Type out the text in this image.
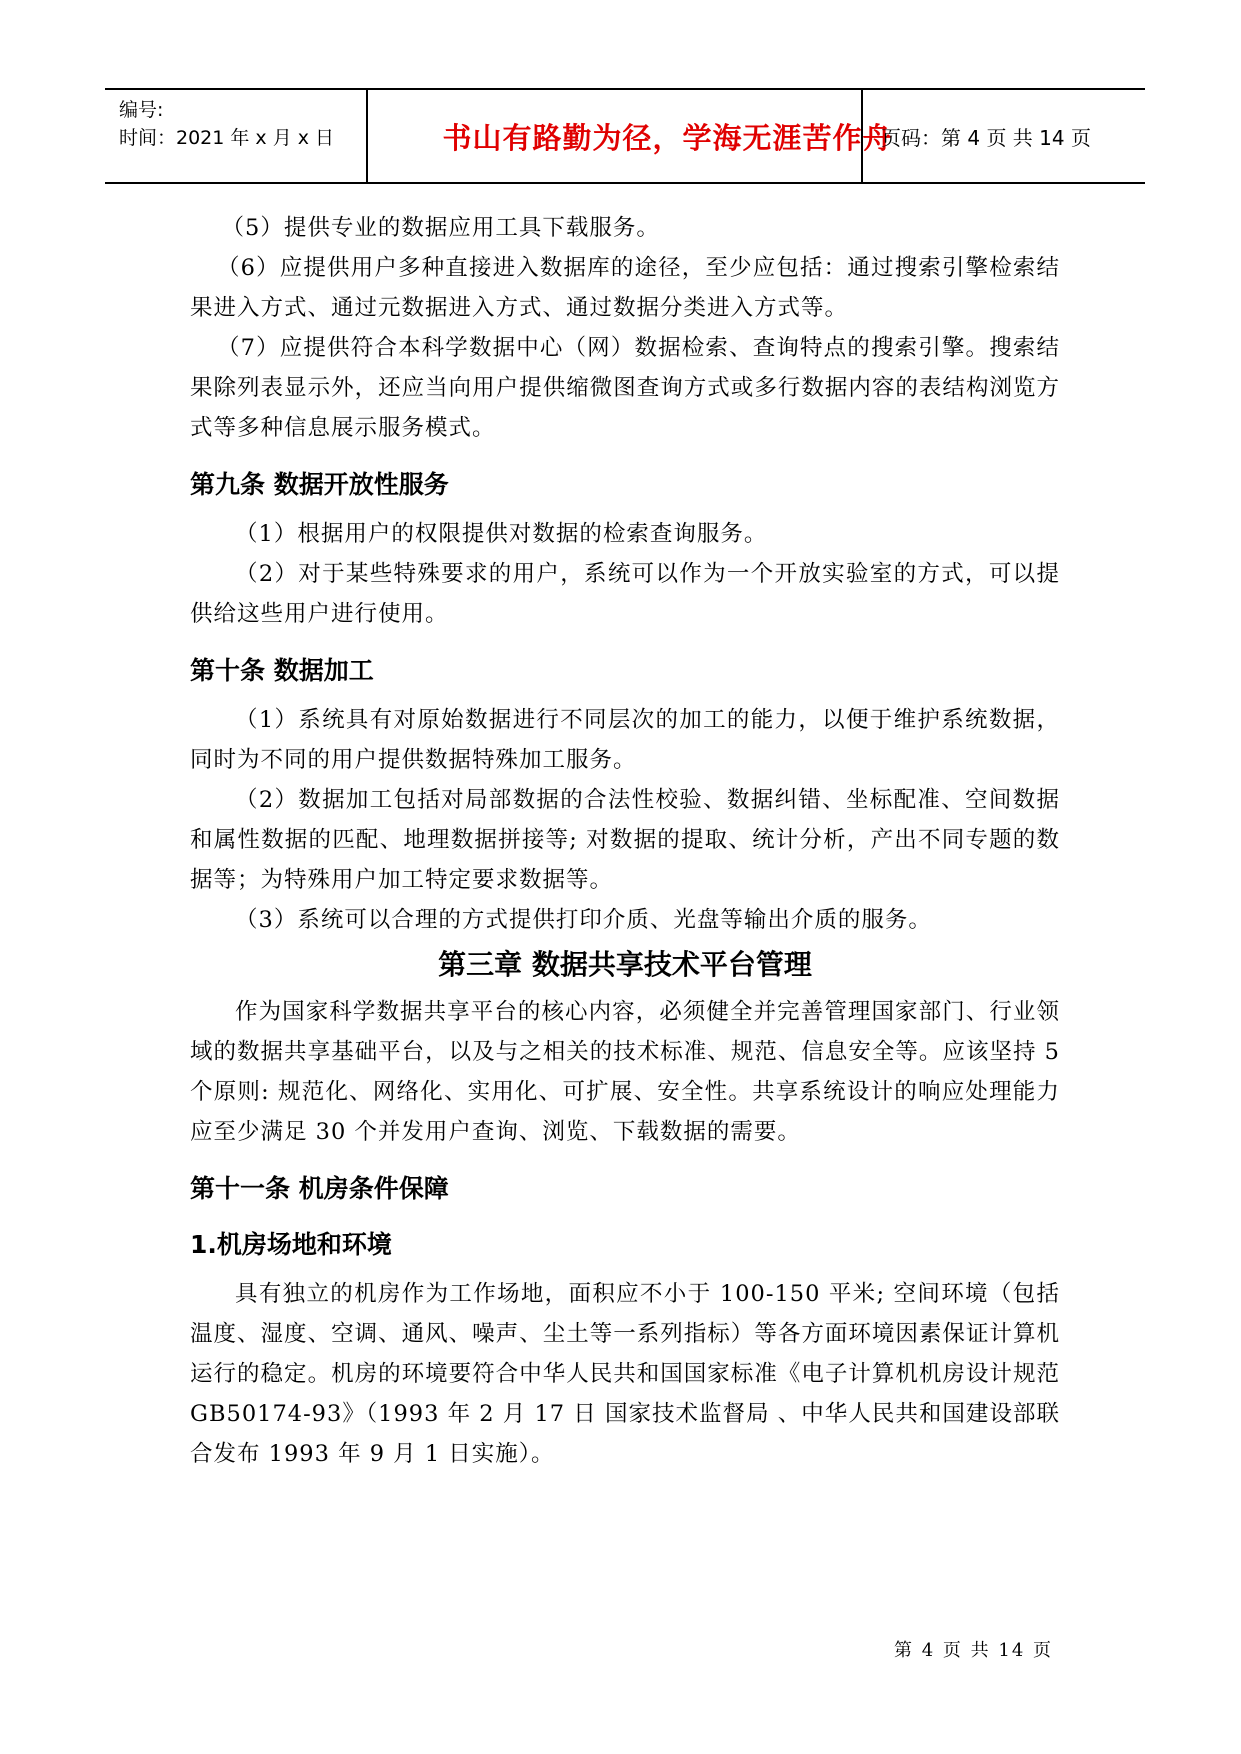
编号:
时间：2021 年 x 月 x 日	书山有路勤为径，学海无涯苦作舟
页码：第 4 页 共 14 页

（5）提供专业的数据应用工具下载服务。

（6）应提供用户多种直接进入数据库的途径，至少应包括：通过搜索引擎检索结果进入方式、通过元数据进入方式、通过数据分类进入方式等。

（7）应提供符合本科学数据中心（网）数据检索、查询特点的搜索引擎。搜索结果除列表显示外，还应当向用户提供缩微图查询方式或多行数据内容的表结构浏览方式等多种信息展示服务模式。

第九条 数据开放性服务

（1）根据用户的权限提供对数据的检索查询服务。

（2）对于某些特殊要求的用户，系统可以作为一个开放实验室的方式，可以提供给这些用户进行使用。

第十条 数据加工

（1）系统具有对原始数据进行不同层次的加工的能力，以便于维护系统数据，同时为不同的用户提供数据特殊加工服务。

（2）数据加工包括对局部数据的合法性校验、数据纠错、坐标配准、空间数据和属性数据的匹配、地理数据拼接等; 对数据的提取、统计分析，产出不同专题的数据等；为特殊用户加工特定要求数据等。

（3）系统可以合理的方式提供打印介质、光盘等输出介质的服务。

第三章 数据共享技术平台管理

作为国家科学数据共享平台的核心内容，必须健全并完善管理国家部门、行业领域的数据共享基础平台，以及与之相关的技术标准、规范、信息安全等。应该坚持 5 个原则: 规范化、网络化、实用化、可扩展、安全性。共享系统设计的响应处理能力应至少满足 30 个并发用户查询、浏览、下载数据的需要。

第十一条 机房条件保障
1.机房场地和环境

具有独立的机房作为工作场地，面积应不小于 100-150 平米; 空间环境（包括温度、湿度、空调、通风、噪声、尘土等一系列指标）等各方面环境因素保证计算机运行的稳定。机房的环境要符合中华人民共和国国家标准《电子计算机机房设计规范 GB50174-93》（1993 年 2 月 17 日 国家技术监督局 、中华人民共和国建设部联合发布 1993 年 9 月 1 日实施）。

第 4 页 共 14 页
